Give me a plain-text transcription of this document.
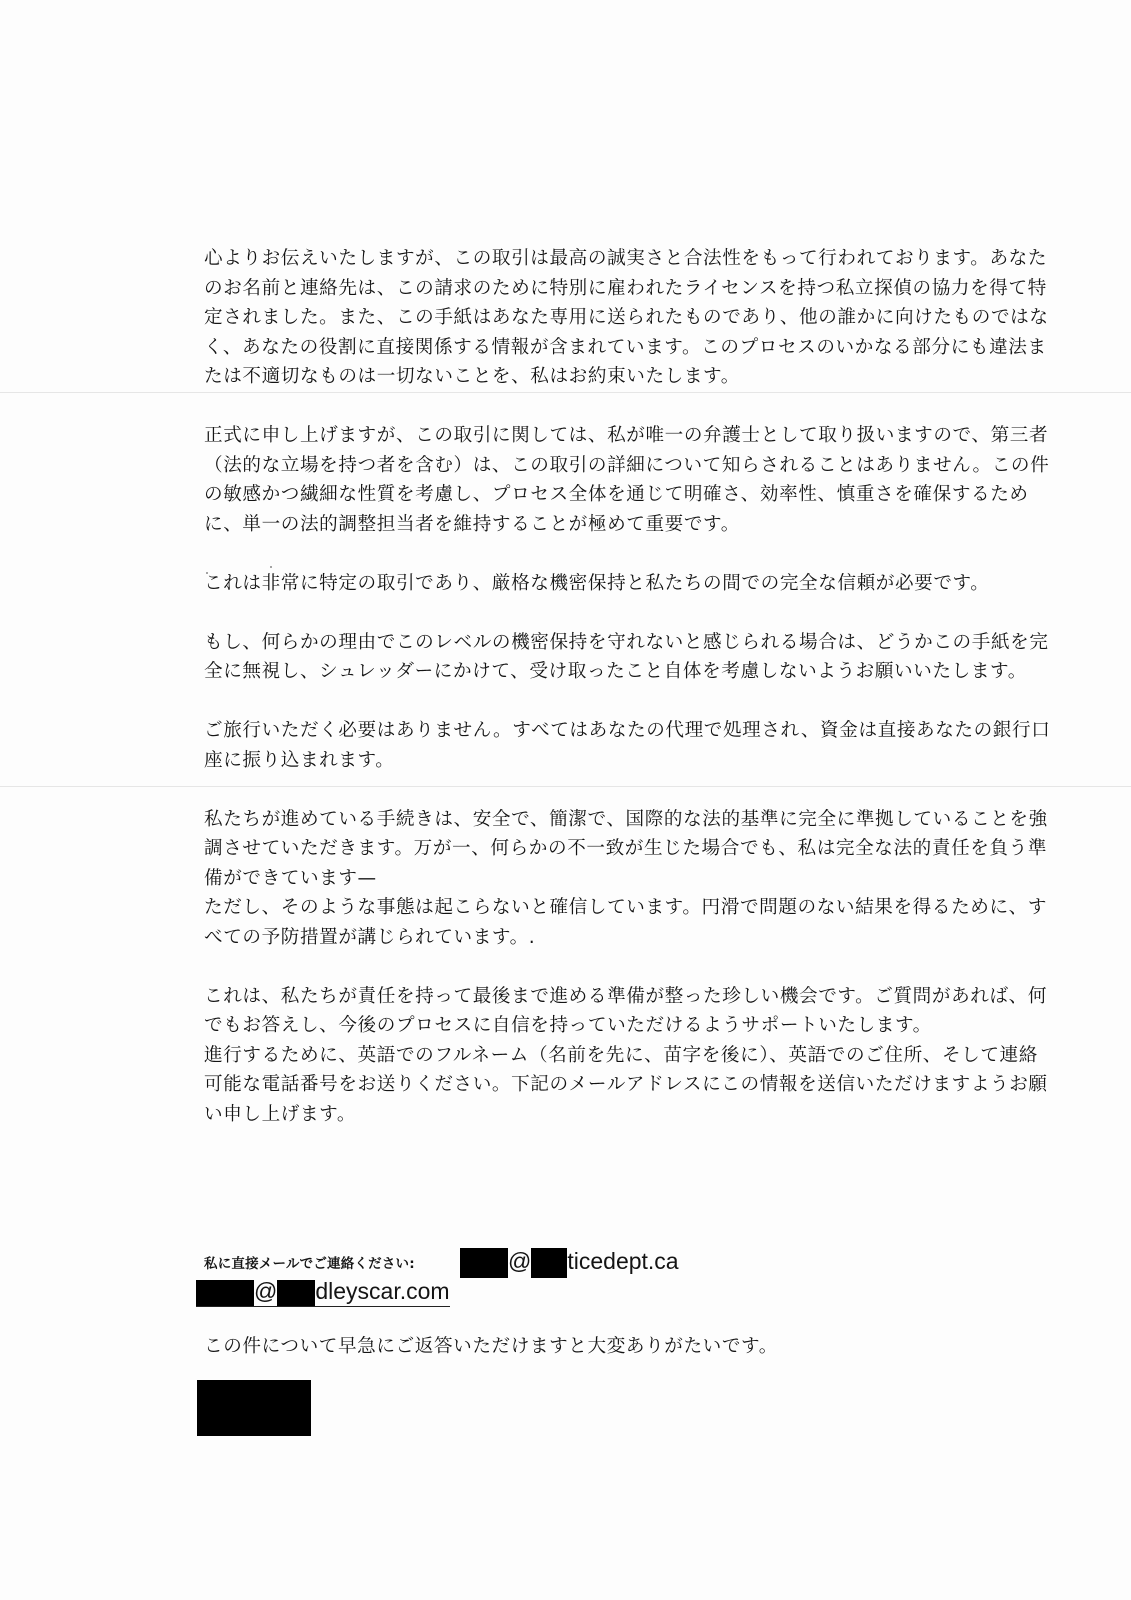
心よりお伝えいたしますが、この取引は最高の誠実さと合法性をもって行われております。あなたのお名前と連絡先は、この請求のために特別に雇われたライセンスを持つ私立探偵の協力を得て特定されました。また、この手紙はあなた専用に送られたものであり、他の誰かに向けたものではなく、あなたの役割に直接関係する情報が含まれています。このプロセスのいかなる部分にも違法または不適切なものは一切ないことを、私はお約束いたします。

正式に申し上げますが、この取引に関しては、私が唯一の弁護士として取り扱いますので、第三者（法的な立場を持つ者を含む）は、この取引の詳細について知らされることはありません。この件の敏感かつ繊細な性質を考慮し、プロセス全体を通じて明確さ、効率性、慎重さを確保するために、単一の法的調整担当者を維持することが極めて重要です。

これは非常に特定の取引であり、厳格な機密保持と私たちの間での完全な信頼が必要です。

もし、何らかの理由でこのレベルの機密保持を守れないと感じられる場合は、どうかこの手紙を完全に無視し、シュレッダーにかけて、受け取ったこと自体を考慮しないようお願いいたします。

ご旅行いただく必要はありません。すべてはあなたの代理で処理され、資金は直接あなたの銀行口座に振り込まれます。

私たちが進めている手続きは、安全で、簡潔で、国際的な法的基準に完全に準拠していることを強調させていただきます。万が一、何らかの不一致が生じた場合でも、私は完全な法的責任を負う準備ができています—

ただし、そのような事態は起こらないと確信しています。円滑で問題のない結果を得るために、すべての予防措置が講じられています。.

これは、私たちが責任を持って最後まで進める準備が整った珍しい機会です。ご質問があれば、何でもお答えし、今後のプロセスに自信を持っていただけるようサポートいたします。

進行するために、英語でのフルネーム（名前を先に、苗字を後に）、英語でのご住所、そして連絡可能な電話番号をお送りください。下記のメールアドレスにこの情報を送信いただけますようお願い申し上げます。

私に直接メールでご連絡ください:	@ ticedept.ca
@ dleyscar.com
この件について早急にご返答いただけますと大変ありがたいです。
